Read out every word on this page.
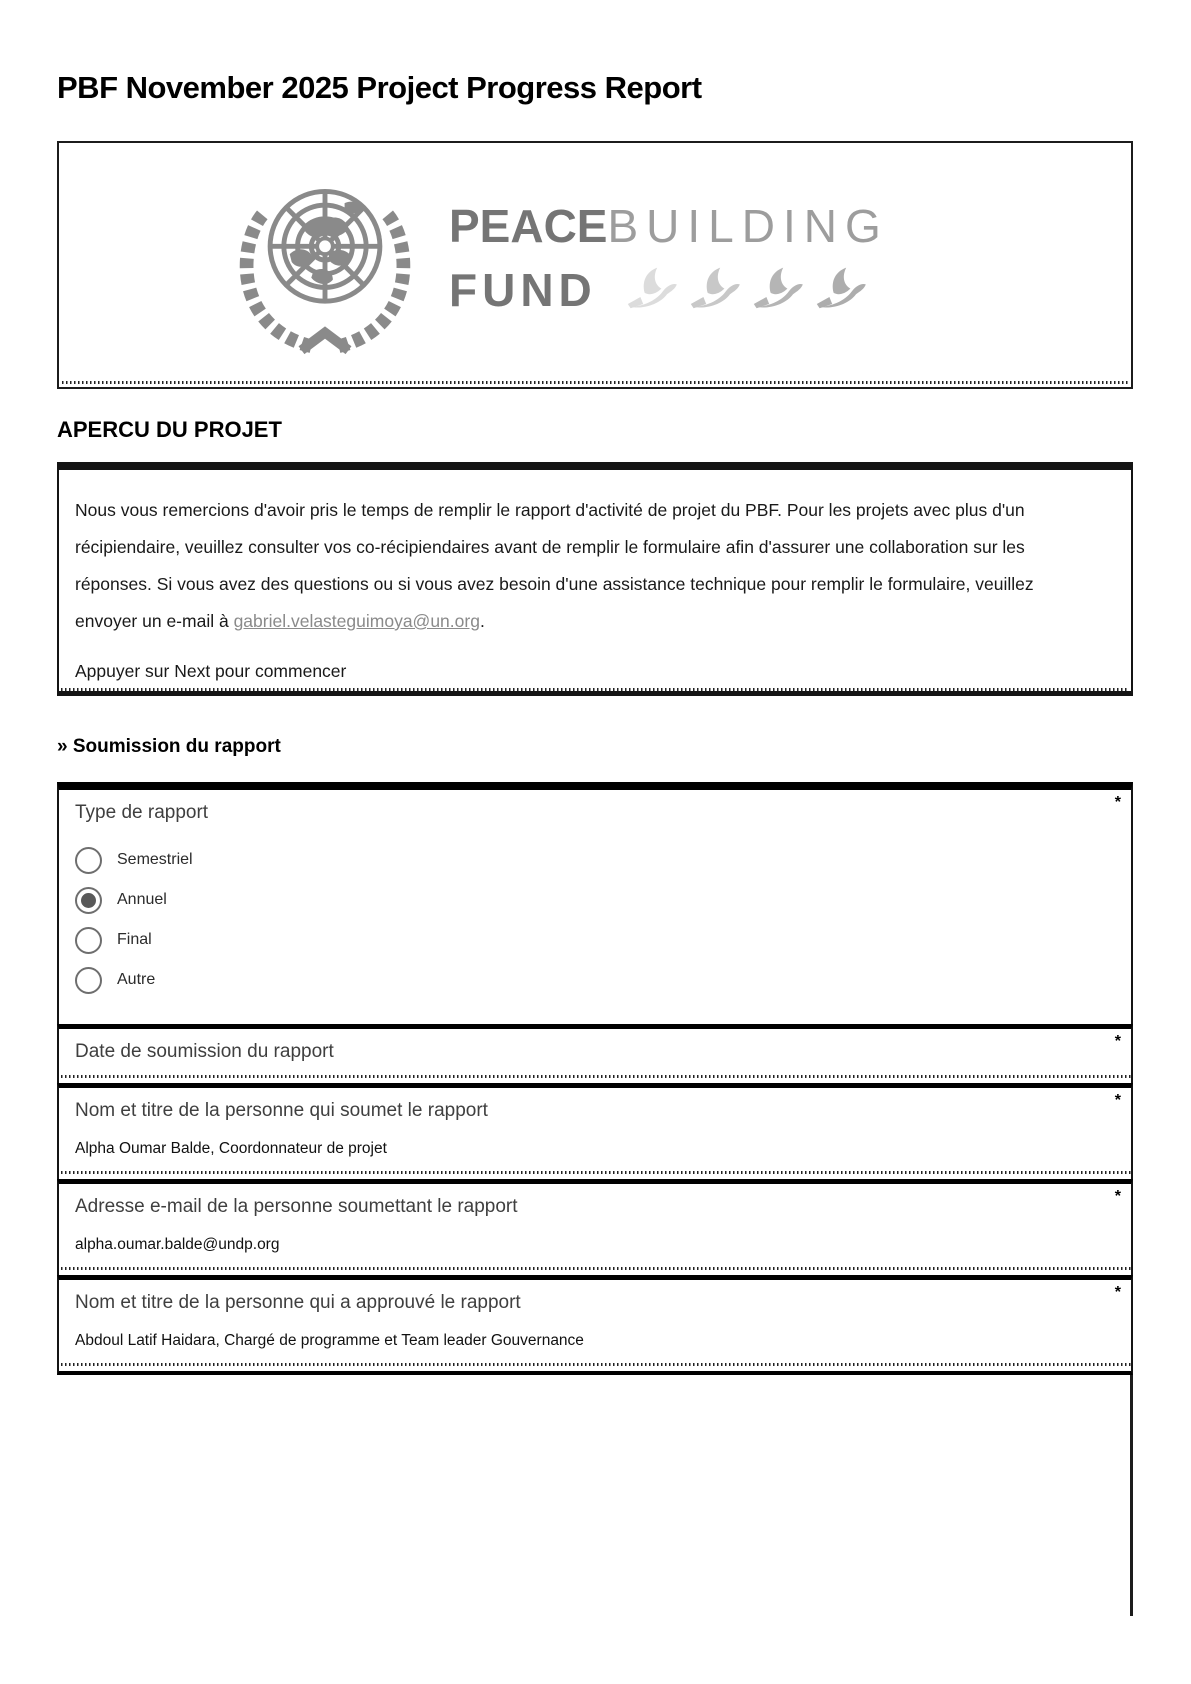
PBF November 2025 Project Progress Report
PEACEBUILDING
FUND
APERCU DU PROJET

Nous vous remercions d'avoir pris le temps de remplir le rapport d'activité de projet du PBF. Pour les projets avec plus d'un récipiendaire, veuillez consulter vos co-récipiendaires avant de remplir le formulaire afin d'assurer une collaboration sur les réponses. Si vous avez des questions ou si vous avez besoin d'une assistance technique pour remplir le formulaire, veuillez envoyer un e-mail à gabriel.velasteguimoya@un.org.

Appuyer sur Next pour commencer

» Soumission du rapport
*
Type de rapport
Semestriel
Annuel
Final
Autre
*
Date de soumission du rapport
*
Nom et titre de la personne qui soumet le rapport
Alpha Oumar Balde, Coordonnateur de projet
*
Adresse e-mail de la personne soumettant le rapport
alpha.oumar.balde@undp.org
*
Nom et titre de la personne qui a approuvé le rapport
Abdoul Latif Haidara, Chargé de programme et Team leader Gouvernance
